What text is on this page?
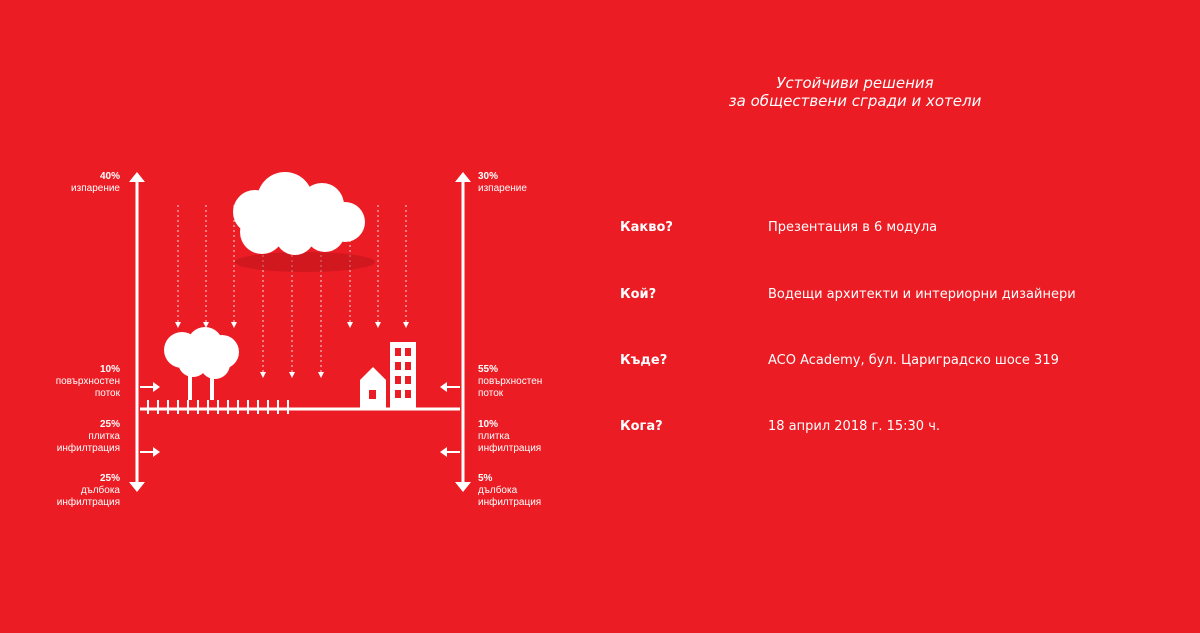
40%
изпарение
10%
повърхностен
поток
25%
плитка
инфилтрация
25%
дълбока
инфилтрация
30%
изпарение
55%
повърхностен
поток
10%
плитка
инфилтрация
5%
дълбока
инфилтрация
Устойчиви решения
за обществени сгради и хотели
Какво?	Презентация в 6 модула
Кой?	Водещи архитекти и интериорни дизайнери
Къде?	ACO Academy, бул. Цариградско шосе 319
Кога?	18 април 2018 г. 15:30 ч.
